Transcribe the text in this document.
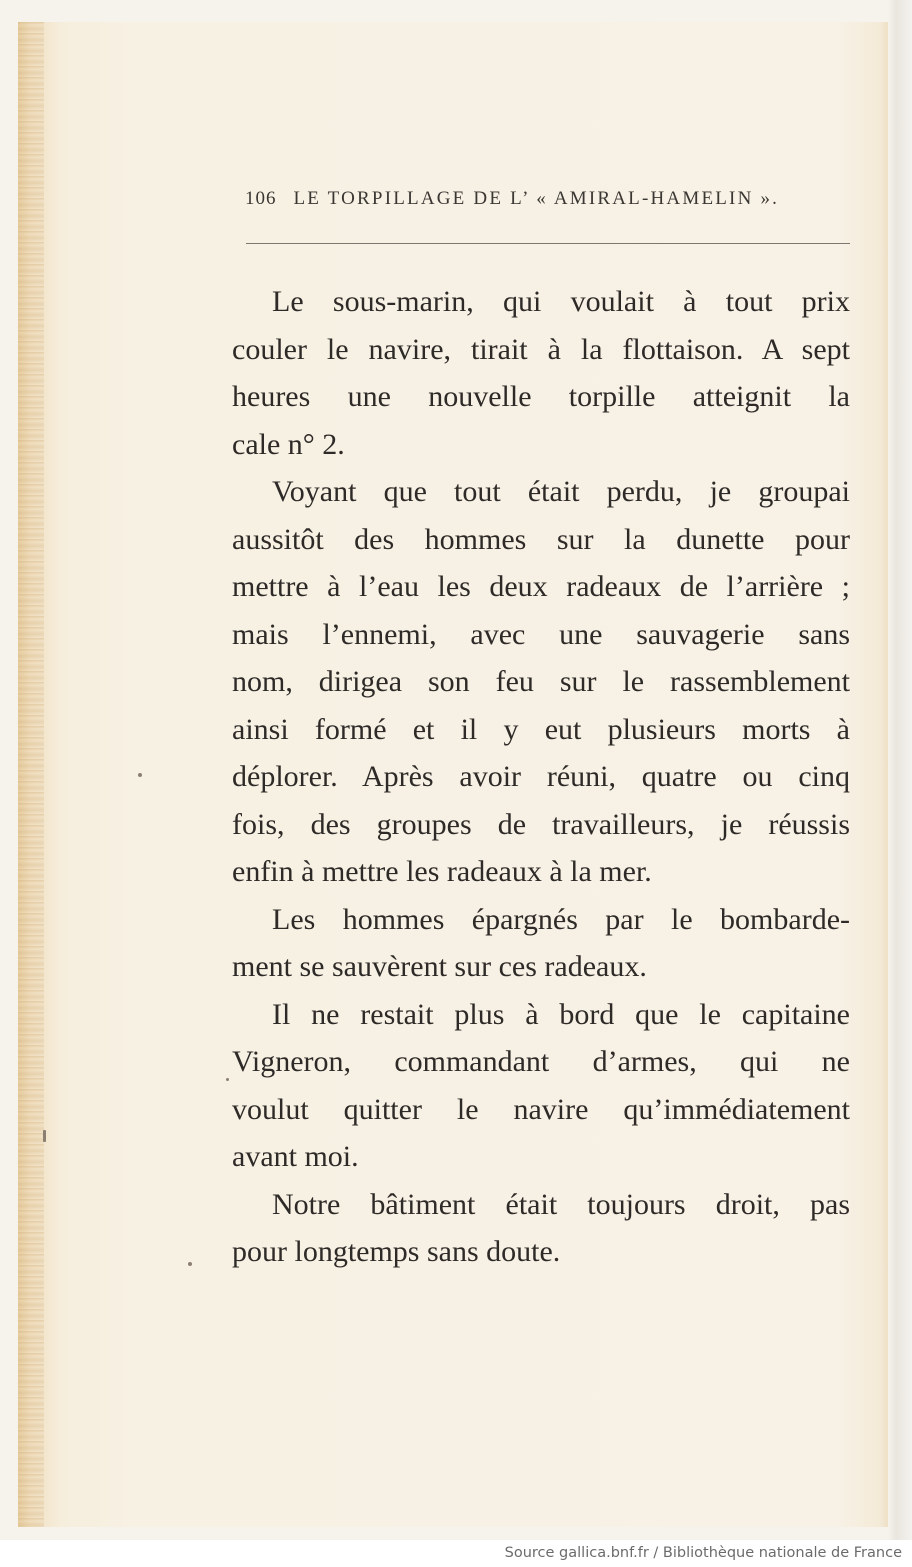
106 LE TORPILLAGE DE L’ « AMIRAL-HAMELIN ».
Le sous-marin, qui voulait à tout prix
couler le navire, tirait à la flottaison. A sept
heures une nouvelle torpille atteignit la
cale n° 2.
Voyant que tout était perdu, je groupai
aussitôt des hommes sur la dunette pour
mettre à l’eau les deux radeaux de l’arrière ;
mais l’ennemi, avec une sauvagerie sans
nom, dirigea son feu sur le rassemblement
ainsi formé et il y eut plusieurs morts à
déplorer. Après avoir réuni, quatre ou cinq
fois, des groupes de travailleurs, je réussis
enfin à mettre les radeaux à la mer.
Les hommes épargnés par le bombarde-
ment se sauvèrent sur ces radeaux.
Il ne restait plus à bord que le capitaine
Vigneron, commandant d’armes, qui ne
voulut quitter le navire qu’immédiatement
avant moi.
Notre bâtiment était toujours droit, pas
pour longtemps sans doute.
Source gallica.bnf.fr / Bibliothèque nationale de France
